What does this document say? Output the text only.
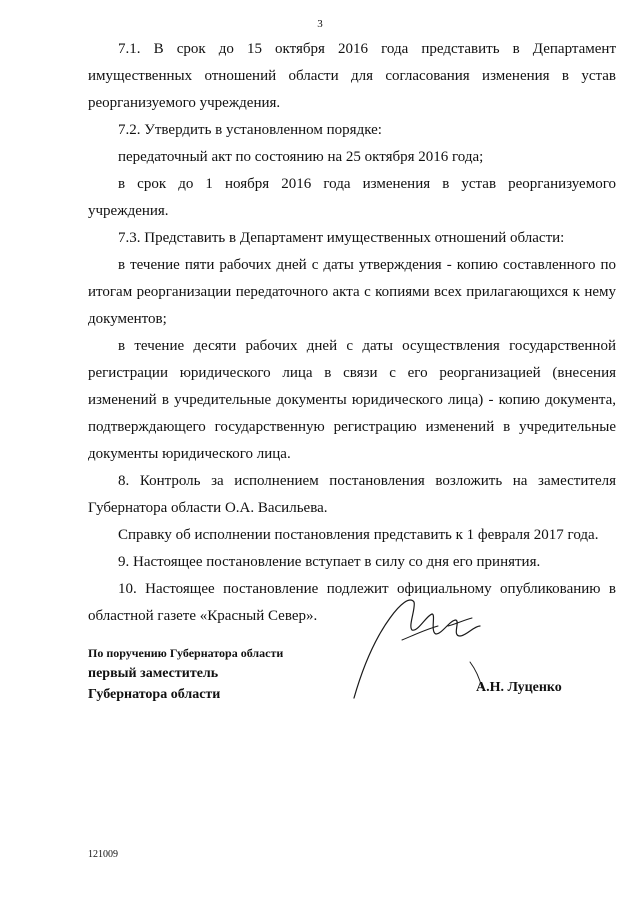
3

7.1. В срок до 15 октября 2016 года представить в Департамент имущественных отношений области для согласования изменения в устав реорганизуемого учреждения.

7.2. Утвердить в установленном порядке:

передаточный акт по состоянию на 25 октября 2016 года;

в срок до 1 ноября 2016 года изменения в устав реорганизуемого учреждения.

7.3. Представить в Департамент имущественных отношений области:

в течение пяти рабочих дней с даты утверждения - копию составленного по итогам реорганизации передаточного акта с копиями всех прилагающихся к нему документов;

в течение десяти рабочих дней с даты осуществления государственной регистрации юридического лица в связи с его реорганизацией (внесения изменений в учредительные документы юридического лица) - копию документа, подтверждающего государственную регистрацию изменений в учредительные документы юридического лица.

8. Контроль за исполнением постановления возложить на заместителя Губернатора области О.А. Васильева.

Справку об исполнении постановления представить к 1 февраля 2017 года.

9. Настоящее постановление вступает в силу со дня его принятия.

10. Настоящее постановление подлежит официальному опубликованию в областной газете «Красный Север».

По поручению Губернатора области
первый заместитель
Губернатора области	А.Н. Луценко
121009
